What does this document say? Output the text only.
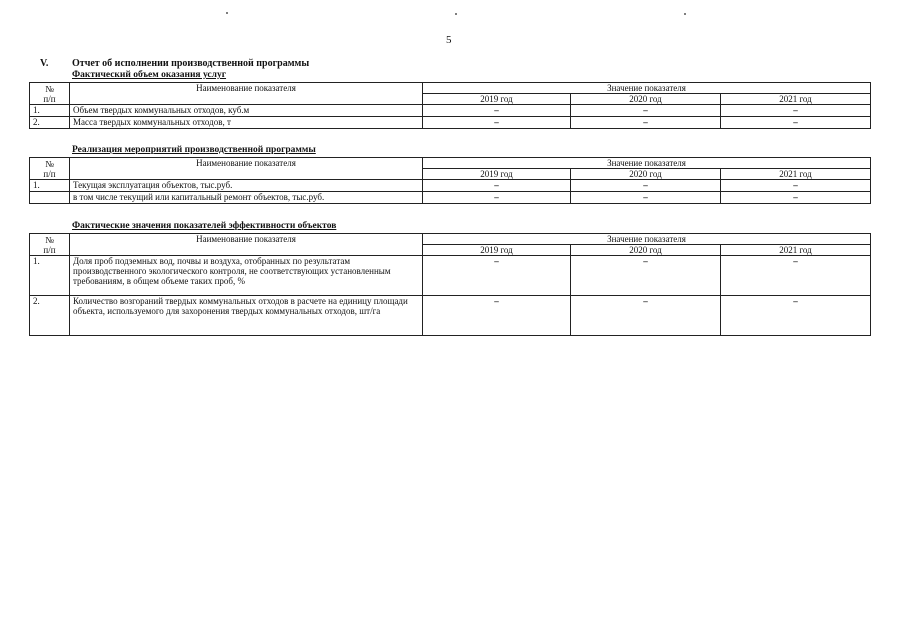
5
V. Отчет об исполнении производственной программы
Фактический объем оказания услуг
№
п/п	Наименование показателя	Значение показателя		
		2019 год	2020 год	2021 год
1.	Объем твердых коммунальных отходов, куб.м	–	–	–
2.	Масса твердых коммунальных отходов, т	–	–	–
Реализация мероприятий производственной программы
№
п/п	Наименование показателя	Значение показателя		
		2019 год	2020 год	2021 год
1.	Текущая эксплуатация объектов, тыс.руб.	–	–	–
	в том числе текущий или капитальный ремонт объектов, тыс.руб.	–	–	–
Фактические значения показателей эффективности объектов
№
п/п	Наименование показателя	Значение показателя		
		2019 год	2020 год	2021 год
1.	Доля проб подземных вод, почвы и воздуха, отобранных по результатам производственного экологического контроля, не соответствующих установленным требованиям, в общем объеме таких проб, %	–	–	–
2.	Количество возгораний твердых коммунальных отходов в расчете на единицу площади объекта, используемого для захоронения твердых коммунальных отходов, шт/га	–	–	–
